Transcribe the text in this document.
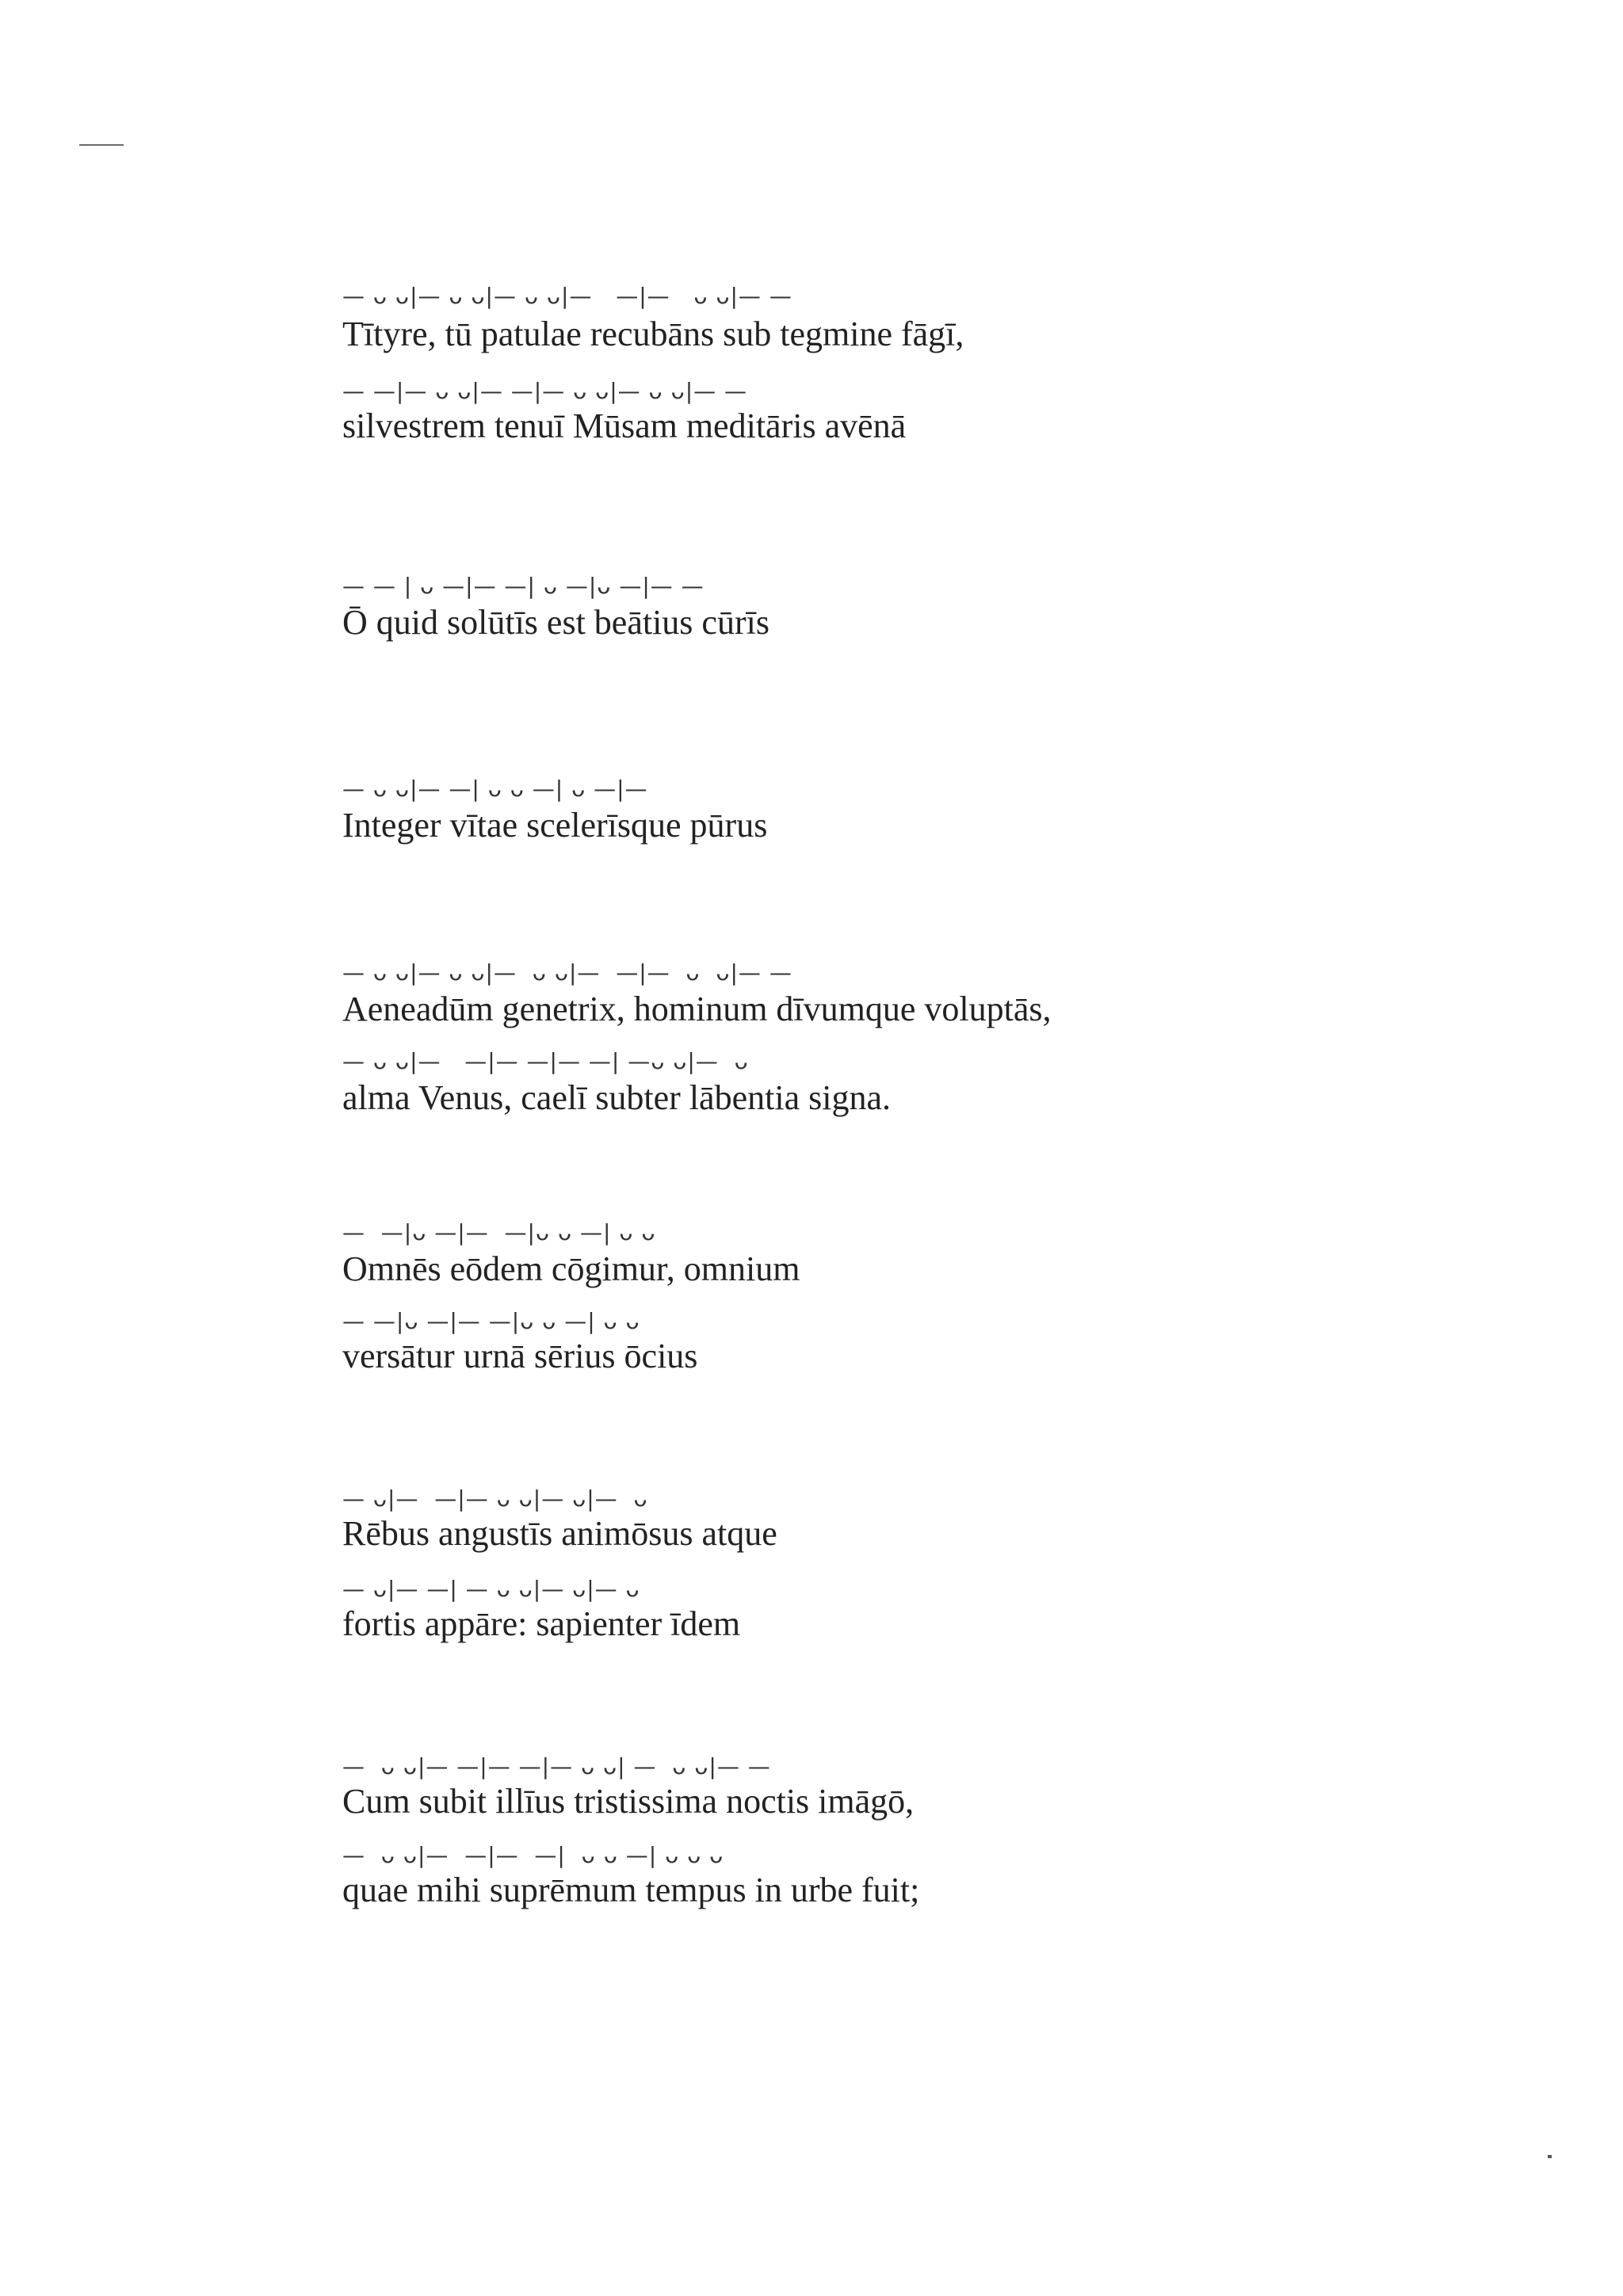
— ᴗ ᴗ|— ᴗ ᴗ|— ᴗ ᴗ|—   —|—   ᴗ ᴗ|— —
Tītyre, tū patulae recubāns sub tegmine fāgī,
— —|— ᴗ ᴗ|— —|— ᴗ ᴗ|— ᴗ ᴗ|— —
silvestrem tenuī Mūsam meditāris avēnā
— — | ᴗ —|— —| ᴗ —|ᴗ —|— —
Ō quid solūtīs est beātius cūrīs
— ᴗ ᴗ|— —| ᴗ ᴗ —| ᴗ —|—
Integer vītae scelerīsque pūrus
— ᴗ ᴗ|— ᴗ ᴗ|—  ᴗ ᴗ|—  —|—  ᴗ  ᴗ|— —
Aeneadūm genetrix, hominum dīvumque voluptās,
— ᴗ ᴗ|—   —|— —|— —| —ᴗ ᴗ|—  ᴗ
alma Venus, caelī subter lābentia signa.
—  —|ᴗ —|—  —|ᴗ ᴗ —| ᴗ ᴗ
Omnēs eōdem cōgimur, omnium
— —|ᴗ —|— —|ᴗ ᴗ —| ᴗ ᴗ
versātur urnā sērius ōcius
— ᴗ|—  —|— ᴗ ᴗ|— ᴗ|—  ᴗ
Rēbus angustīs animōsus atque
— ᴗ|— —| — ᴗ ᴗ|— ᴗ|— ᴗ
fortis appāre: sapienter īdem
—  ᴗ ᴗ|— —|— —|— ᴗ ᴗ| —  ᴗ ᴗ|— —
Cum subit illīus tristissima noctis imāgō,
—  ᴗ ᴗ|—  —|—  —|  ᴗ ᴗ —| ᴗ ᴗ ᴗ
quae mihi suprēmum tempus in urbe fuit;
